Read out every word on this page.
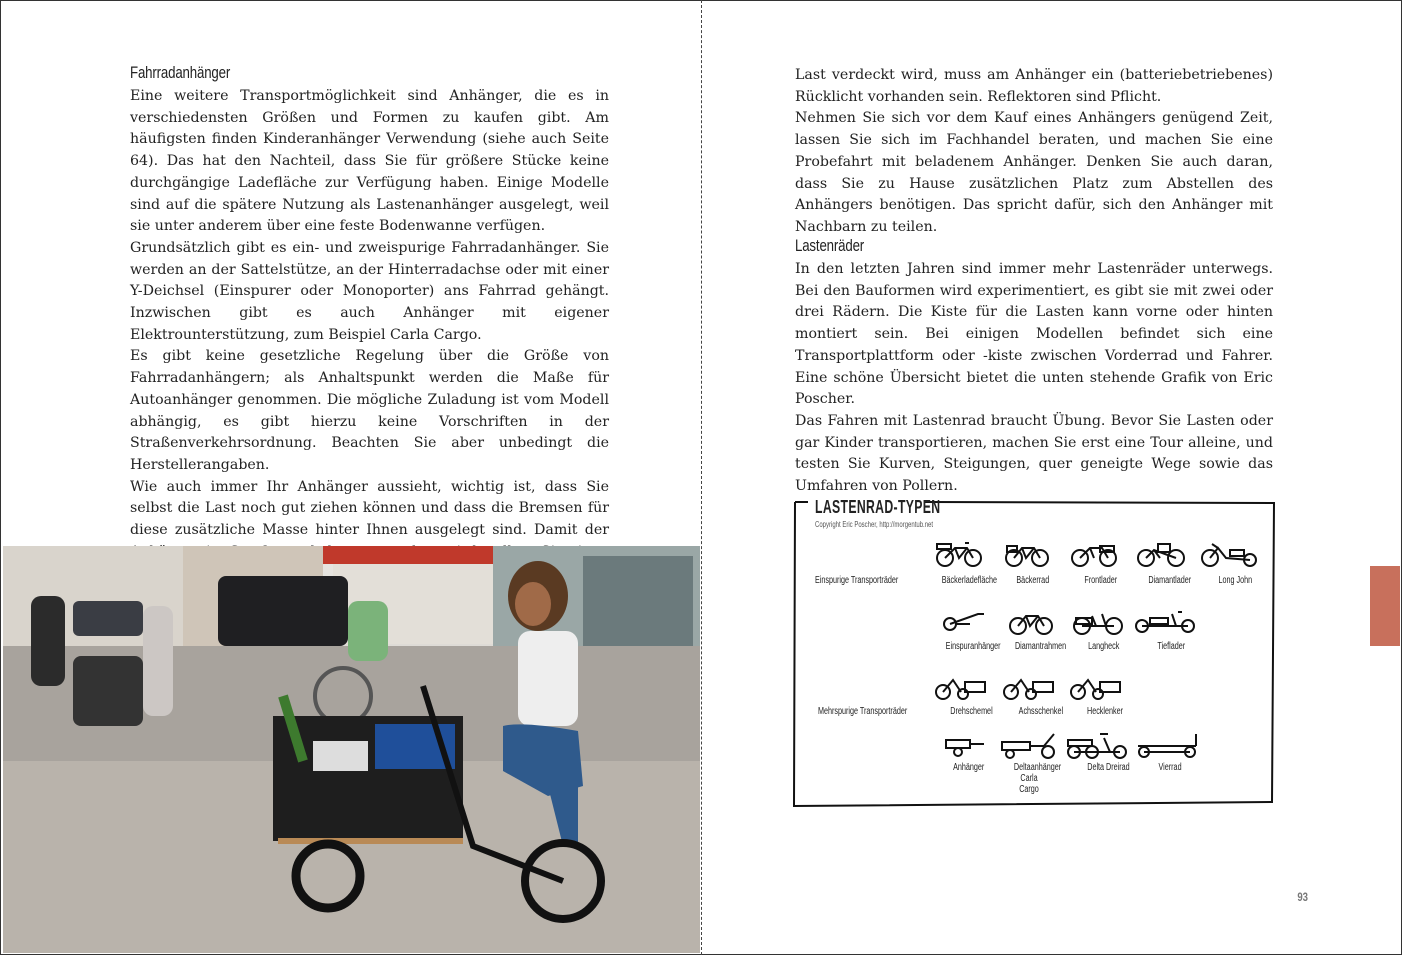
Fahrradanhänger

Eine weitere Transportmöglichkeit sind Anhänger, die es in verschiedensten Größen und Formen zu kaufen gibt. Am häufigsten finden Kinderanhänger Verwendung (siehe auch Seite 64). Das hat den Nachteil, dass Sie für größere Stücke keine durchgängige Ladefläche zur Verfügung haben. Einige Modelle sind auf die spätere Nutzung als Lastenanhänger ausgelegt, weil sie unter anderem über eine feste Bodenwanne verfügen.

Grundsätzlich gibt es ein- und zweispurige Fahrradanhänger. Sie werden an der Sattelstütze, an der Hinterradachse oder mit einer Y-Deichsel (Einspurer oder Monoporter) ans Fahrrad gehängt. Inzwischen gibt es auch Anhänger mit eigener Elektrounterstützung, zum Beispiel Carla Cargo.

Es gibt keine gesetzliche Regelung über die Größe von Fahrradanhängern; als Anhaltspunkt werden die Maße für Autoanhänger genommen. Die mögliche Zuladung ist vom Modell abhängig, es gibt hierzu keine Vorschriften in der Straßenverkehrsordnung. Beachten Sie aber unbedingt die Herstellerangaben.

Wie auch immer Ihr Anhänger aussieht, wichtig ist, dass Sie selbst die Last noch gut ziehen können und dass die Bremsen für diese zusätzliche Masse hinter Ihnen ausgelegt sind. Damit der

Last verdeckt wird, muss am Anhänger ein (batteriebetriebenes) Rücklicht vorhanden sein. Reflektoren sind Pflicht.

Nehmen Sie sich vor dem Kauf eines Anhängers genügend Zeit, lassen Sie sich im Fachhandel beraten, und machen Sie eine Probefahrt mit beladenem Anhänger. Denken Sie auch daran, dass Sie zu Hause zusätzlichen Platz zum Abstellen des Anhängers benötigen. Das spricht dafür, sich den Anhänger mit Nachbarn zu teilen.

Lastenräder

In den letzten Jahren sind immer mehr Lastenräder unterwegs. Bei den Bauformen wird experimentiert, es gibt sie mit zwei oder drei Rädern. Die Kiste für die Lasten kann vorne oder hinten montiert sein. Bei einigen Modellen befindet sich eine Transportplattform oder -kiste zwischen Vorderrad und Fahrer. Eine schöne Übersicht bietet die unten stehende Grafik von Eric Poscher.

Das Fahren mit Lastenrad braucht Übung. Bevor Sie Lasten oder gar Kinder transportieren, machen Sie erst eine Tour alleine, und testen Sie Kurven, Steigungen, quer geneigte Wege sowie das Umfahren von Pollern.

LASTENRAD-TYPEN
Copyright Eric Poscher, http://morgentub.net
Einspurige Transporträder
Mehrspurige Transporträder
Bäckerladefläche Bäckerrad	Frontlader	Diamantlader	Long John
Einspuranhänger Diamantrahmen Langheck	Tieflader
Drehschemel	Achsschenkel Hecklenker
Anhänger	Deltaanhänger Carla Cargo
Delta Dreirad	Vierrad
93
